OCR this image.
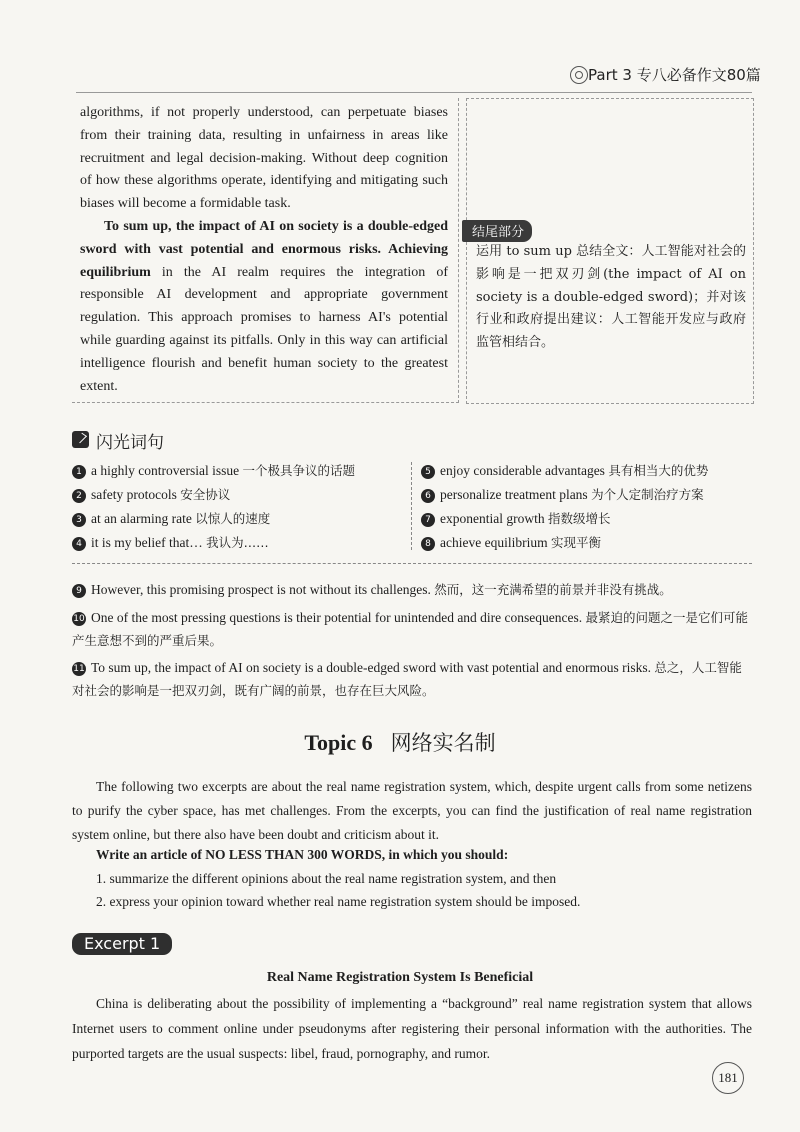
Part 3 专八必备作文80篇

algorithms, if not properly understood, can perpetuate biases from their training data, resulting in unfairness in areas like recruitment and legal decision-making. Without deep cognition of how these algorithms operate, identifying and mitigating such biases will become a formidable task.

To sum up, the impact of AI on society is a double-edged sword with vast potential and enormous risks. Achieving equilibrium in the AI realm requires the integration of responsible AI development and appropriate government regulation. This approach promises to harness AI's potential while guarding against its pitfalls. Only in this way can artificial intelligence flourish and benefit human society to the greatest extent.

结尾部分
运用 to sum up 总结全文：人工智能对社会的影响是一把双刃剑(the impact of AI on society is a double-edged sword)；并对该行业和政府提出建议：人工智能开发应与政府监管相结合。
闪光词句
1 a highly controversial issue 一个极具争议的话题
2 safety protocols 安全协议
3 at an alarming rate 以惊人的速度
4 it is my belief that… 我认为……
5 enjoy considerable advantages 具有相当大的优势
6 personalize treatment plans 为个人定制治疗方案
7 exponential growth 指数级增长
8 achieve equilibrium 实现平衡
9 However, this promising prospect is not without its challenges. 然而，这一充满希望的前景并非没有挑战。
10 One of the most pressing questions is their potential for unintended and dire consequences. 最紧迫的问题之一是它们可能产生意想不到的严重后果。
11 To sum up, the impact of AI on society is a double-edged sword with vast potential and enormous risks. 总之，人工智能对社会的影响是一把双刃剑，既有广阔的前景，也存在巨大风险。
Topic 6 网络实名制

The following two excerpts are about the real name registration system, which, despite urgent calls from some netizens to purify the cyber space, has met challenges. From the excerpts, you can find the justification of real name registration system online, but there also have been doubt and criticism about it.

Write an article of NO LESS THAN 300 WORDS, in which you should:
1. summarize the different opinions about the real name registration system, and then
2. express your opinion toward whether real name registration system should be imposed.
Excerpt 1
Real Name Registration System Is Beneficial

China is deliberating about the possibility of implementing a “background” real name registration system that allows Internet users to comment online under pseudonyms after registering their personal information with the authorities. The purported targets are the usual suspects: libel, fraud, pornography, and rumor.

181
